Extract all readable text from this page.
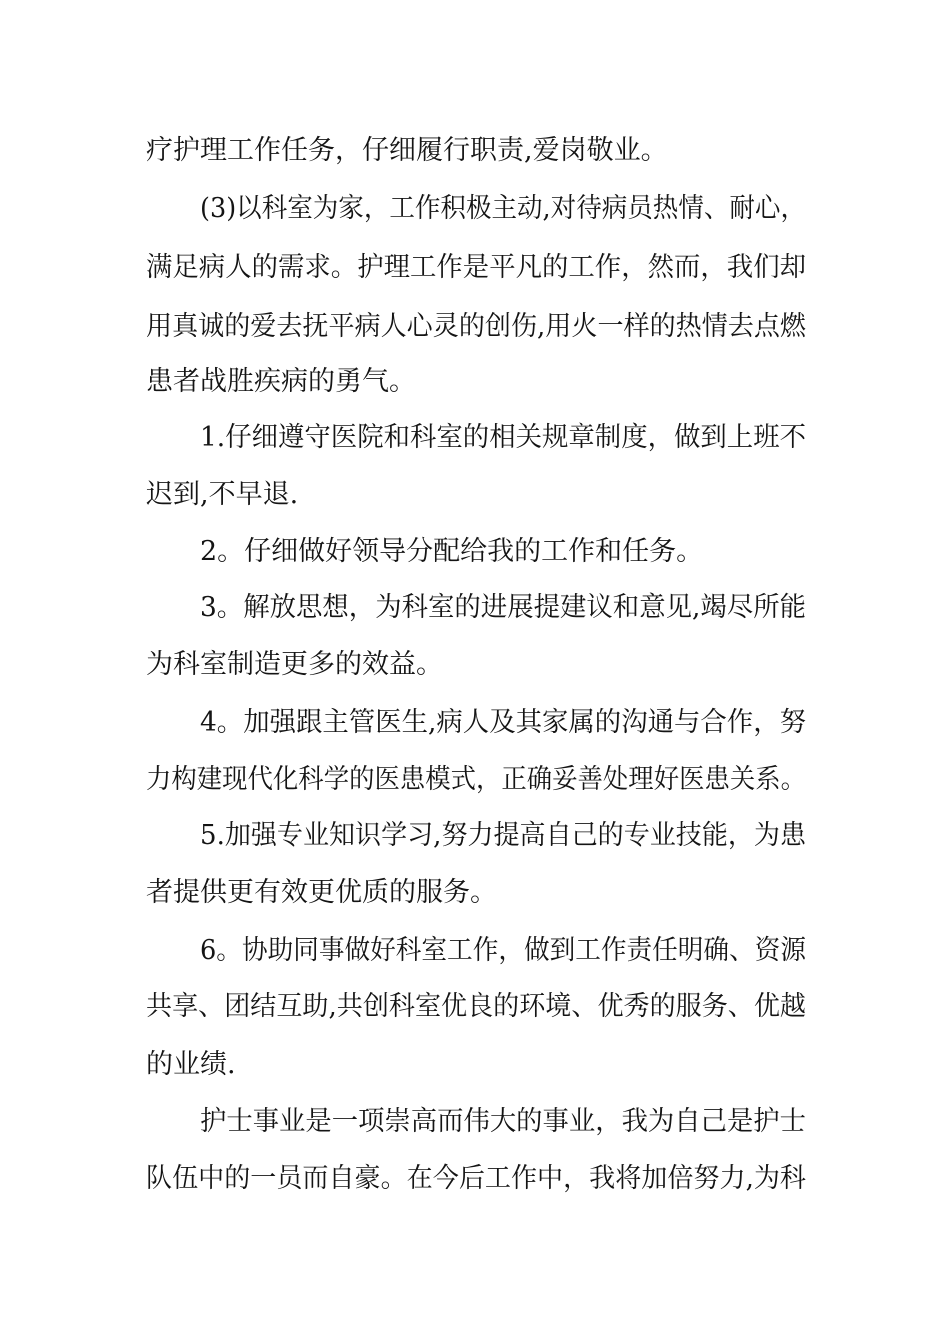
疗护理工作任务，仔细履行职责,爱岗敬业。
(3)以科室为家，工作积极主动,对待病员热情、耐心，
满足病人的需求。护理工作是平凡的工作，然而，我们却
用真诚的爱去抚平病人心灵的创伤,用火一样的热情去点燃
患者战胜疾病的勇气。
1.仔细遵守医院和科室的相关规章制度，做到上班不
迟到,不早退.
2。仔细做好领导分配给我的工作和任务。
3。解放思想，为科室的进展提建议和意见,竭尽所能
为科室制造更多的效益。
4。加强跟主管医生,病人及其家属的沟通与合作，努
力构建现代化科学的医患模式，正确妥善处理好医患关系。
5.加强专业知识学习,努力提高自己的专业技能，为患
者提供更有效更优质的服务。
6。协助同事做好科室工作，做到工作责任明确、资源
共享、团结互助,共创科室优良的环境、优秀的服务、优越
的业绩.
护士事业是一项崇高而伟大的事业，我为自己是护士
队伍中的一员而自豪。在今后工作中，我将加倍努力,为科
